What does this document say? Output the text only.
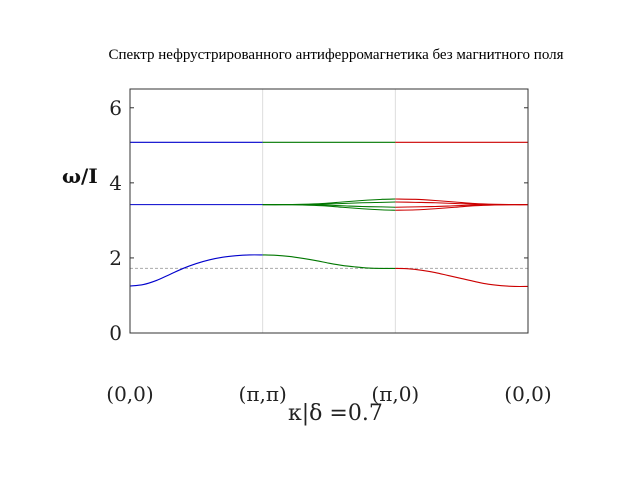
Спектр нефрустрированного антиферромагнетика без магнитного поля
0
2
4
6
(0,0)	(π,π)	(π,0)	(0,0)
ω/I
κ|δ =0.7
